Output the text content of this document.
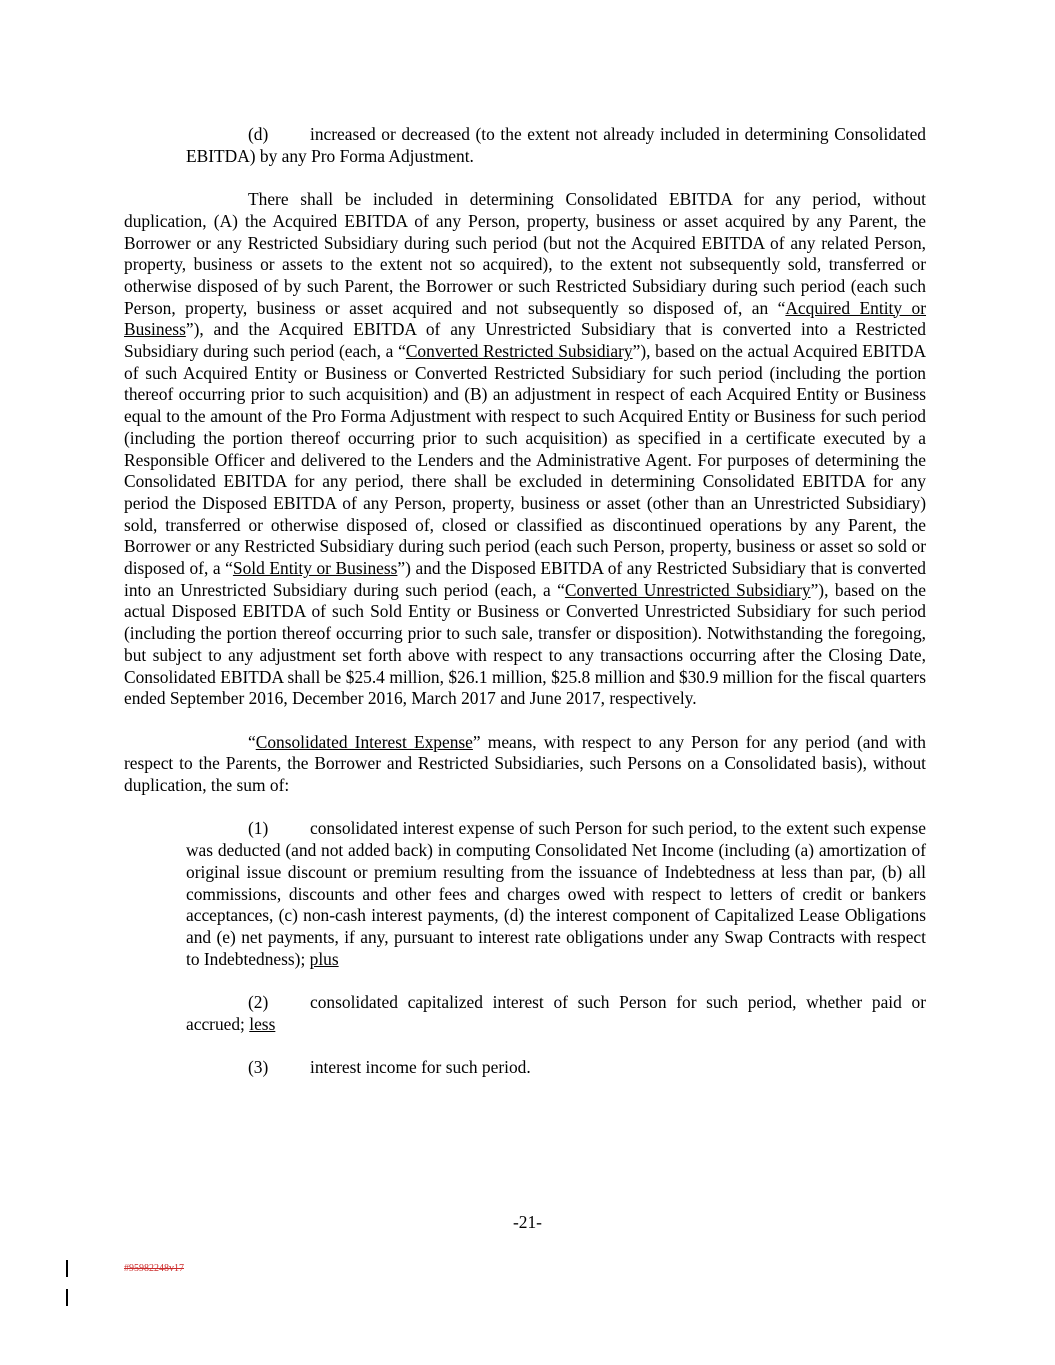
(d) increased or decreased (to the extent not already included in determining Consolidated EBITDA) by any Pro Forma Adjustment.

There shall be included in determining Consolidated EBITDA for any period, without duplication, (A) the Acquired EBITDA of any Person, property, business or asset acquired by any Parent, the Borrower or any Restricted Subsidiary during such period (but not the Acquired EBITDA of any related Person, property, business or assets to the extent not so acquired), to the extent not subsequently sold, transferred or otherwise disposed of by such Parent, the Borrower or such Restricted Subsidiary during such period (each such Person, property, business or asset acquired and not subsequently so disposed of, an “Acquired Entity or Business”), and the Acquired EBITDA of any Unrestricted Subsidiary that is converted into a Restricted Subsidiary during such period (each, a “Converted Restricted Subsidiary”), based on the actual Acquired EBITDA of such Acquired Entity or Business or Converted Restricted Subsidiary for such period (including the portion thereof occurring prior to such acquisition) and (B) an adjustment in respect of each Acquired Entity or Business equal to the amount of the Pro Forma Adjustment with respect to such Acquired Entity or Business for such period (including the portion thereof occurring prior to such acquisition) as specified in a certificate executed by a Responsible Officer and delivered to the Lenders and the Administrative Agent. For purposes of determining the Consolidated EBITDA for any period, there shall be excluded in determining Consolidated EBITDA for any period the Disposed EBITDA of any Person, property, business or asset (other than an Unrestricted Subsidiary) sold, transferred or otherwise disposed of, closed or classified as discontinued operations by any Parent, the Borrower or any Restricted Subsidiary during such period (each such Person, property, business or asset so sold or disposed of, a “Sold Entity or Business”) and the Disposed EBITDA of any Restricted Subsidiary that is converted into an Unrestricted Subsidiary during such period (each, a “Converted Unrestricted Subsidiary”), based on the actual Disposed EBITDA of such Sold Entity or Business or Converted Unrestricted Subsidiary for such period (including the portion thereof occurring prior to such sale, transfer or disposition). Notwithstanding the foregoing, but subject to any adjustment set forth above with respect to any transactions occurring after the Closing Date, Consolidated EBITDA shall be $25.4 million, $26.1 million, $25.8 million and $30.9 million for the fiscal quarters ended September 2016, December 2016, March 2017 and June 2017, respectively.

“Consolidated Interest Expense” means, with respect to any Person for any period (and with respect to the Parents, the Borrower and Restricted Subsidiaries, such Persons on a Consolidated basis), without duplication, the sum of:

(1) consolidated interest expense of such Person for such period, to the extent such expense was deducted (and not added back) in computing Consolidated Net Income (including (a) amortization of original issue discount or premium resulting from the issuance of Indebtedness at less than par, (b) all commissions, discounts and other fees and charges owed with respect to letters of credit or bankers acceptances, (c) non-cash interest payments, (d) the interest component of Capitalized Lease Obligations and (e) net payments, if any, pursuant to interest rate obligations under any Swap Contracts with respect to Indebtedness); plus

(2) consolidated capitalized interest of such Person for such period, whether paid or accrued; less

(3) interest income for such period.

-21-
#95982248v17
